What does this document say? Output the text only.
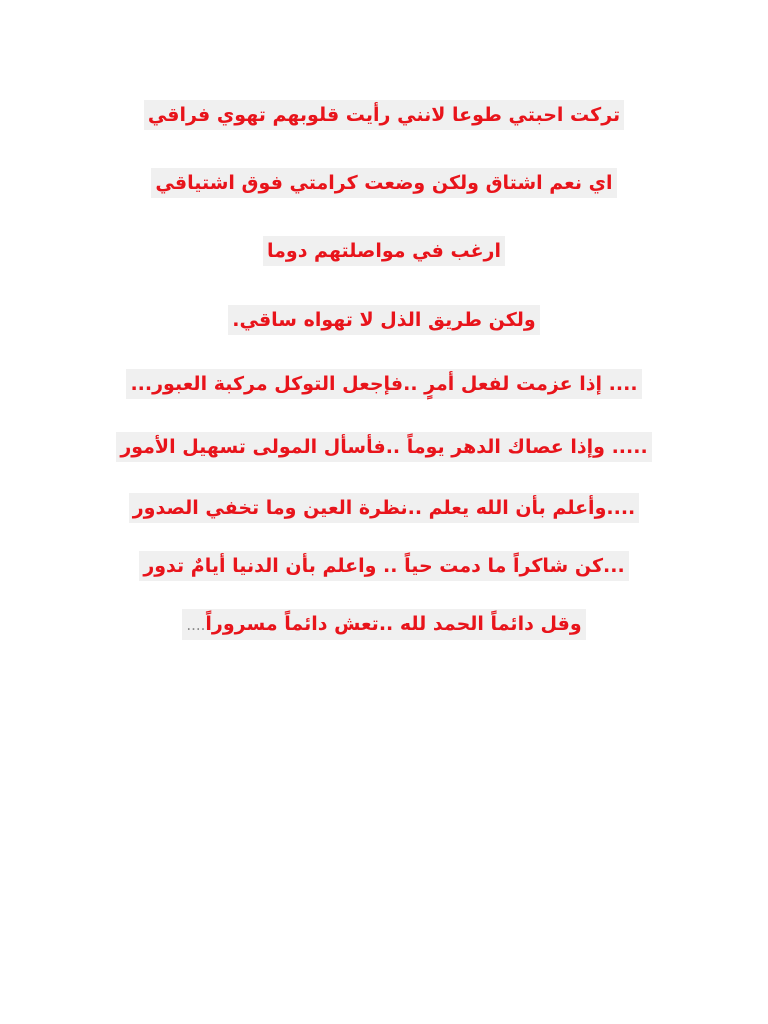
تركت احبتي طوعا لانني رأيت قلوبهم تهوي فراقي
اي نعم اشتاق ولكن وضعت كرامتي فوق اشتياقي
ارغب في مواصلتهم دوما
ولكن طريق الذل لا تهواه ساقي.
.... إذا عزمت لفعل أمرٍ ..فإجعل التوكل مركبة العبور...
..... وإذا عصاك الدهر يوماً ..فأسأل المولى تسهيل الأمور
....وأعلم بأن الله يعلم ..نظرة العين وما تخفي الصدور
...كن شاكراً ما دمت حياً .. واعلم بأن الدنيا أيامٌ تدور
وقل دائماً الحمد لله ..تعش دائماً مسروراً....
